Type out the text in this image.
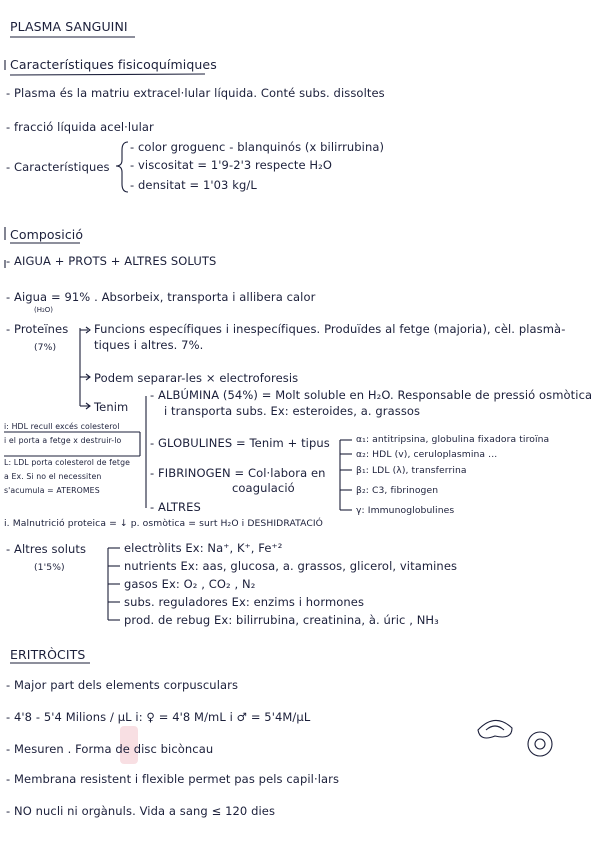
PLASMA SANGUINI
Característiques fisicoquímiques
- Plasma és la matriu extracel·lular líquida. Conté subs. dissoltes
- fracció líquida acel·lular
- Característiques
- color groguenc - blanquinós (x bilirrubina)
- viscositat = 1'9-2'3 respecte H₂O
- densitat = 1'03 kg/L
Composició
- AIGUA + PROTS + ALTRES SOLUTS
- Aigua = 91% . Absorbeix, transporta i allibera calor
(H₂O)
- Proteïnes
(7%)
Funcions específiques i inespecífiques. Produïdes al fetge (majoria), cèl. plasmà-
tiques i altres. 7%.
Podem separar-les × electroforesis
Tenim
- ALBÚMINA (54%) = Molt soluble en H₂O. Responsable de pressió osmòtica
i transporta subs. Ex: esteroides, a. grassos
- GLOBULINES = Tenim + tipus	α₁: antitripsina, globulina fixadora tiroïna
α₂: HDL (v), ceruloplasmina ...
β₁: LDL (λ), transferrina
β₂: C3, fibrinogen
γ: Immunoglobulines
- FIBRINOGEN = Col·labora en
coagulació
- ALTRES
i: HDL recull excés colesterol
i el porta a fetge x destruir-lo
L: LDL porta colesterol de fetge
a Ex. Si no el necessiten
s'acumula = ATEROMES
i. Malnutrició proteica = ↓ p. osmòtica = surt H₂O i DESHIDRATACIÓ
- Altres soluts
(1'5%)
electròlits Ex: Na⁺, K⁺, Fe⁺²
nutrients Ex: aas, glucosa, a. grassos, glicerol, vitamines
gasos Ex: O₂ , CO₂ , N₂
subs. reguladores Ex: enzims i hormones
prod. de rebug Ex: bilirrubina, creatinina, à. úric , NH₃
ERITRÒCITS
- Major part dels elements corpusculars
- 4'8 - 5'4 Milions / μL i: ♀ = 4'8 M/mL i ♂ = 5'4M/μL
- Mesuren . Forma de disc bicòncau
- Membrana resistent i flexible permet pas pels capil·lars
- NO nucli ni orgànuls. Vida a sang ≤ 120 dies
